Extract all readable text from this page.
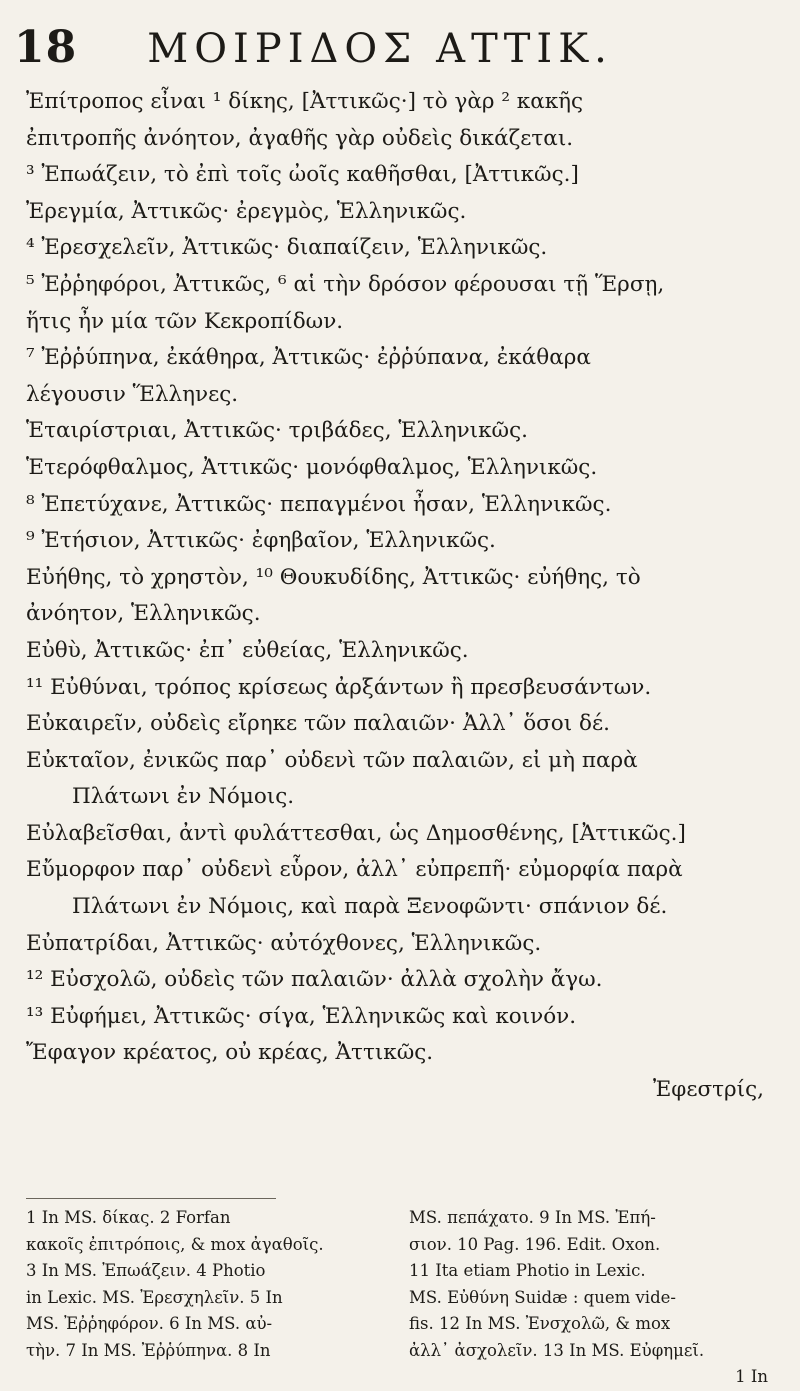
18 ΜΟΙΡΙΔΟΣ ΑΤΤΙΚ.
Ἐπίτροπος εἶναι ¹ δίκης, [Ἀττικῶς·] τὸ γὰρ ² κακῆς
ἐπιτροπῆς ἀνόητον, ἀγαθῆς γὰρ οὐδεὶς δικάζεται.
³ Ἐπωάζειν, τὸ ἐπὶ τοῖς ὠοῖς καθῆσθαι, [Ἀττικῶς.]
Ἐρεγμία, Ἀττικῶς· ἐρεγμὸς, Ἑλληνικῶς.
⁴ Ἐρεσχελεῖν, Ἀττικῶς· διαπαίζειν, Ἑλληνικῶς.
⁵ Ἐῤῥηφόροι, Ἀττικῶς, ⁶ αἱ τὴν δρόσον φέρουσαι τῇ Ἕρσῃ,
ἥτις ἦν μία τῶν Κεκροπίδων.
⁷ Ἐῤῥύπηνα, ἐκάθηρα, Ἀττικῶς· ἐῤῥύπανα, ἐκάθαρα
λέγουσιν Ἕλληνες.
Ἑταιρίστριαι, Ἀττικῶς· τριβάδες, Ἑλληνικῶς.
Ἑτερόφθαλμος, Ἀττικῶς· μονόφθαλμος, Ἑλληνικῶς.
⁸ Ἐπετύχανε, Ἀττικῶς· πεπαγμένοι ἦσαν, Ἑλληνικῶς.
⁹ Ἐτήσιον, Ἀττικῶς· ἐφηβαῖον, Ἑλληνικῶς.
Εὐήθης, τὸ χρηστὸν, ¹⁰ Θουκυδίδης, Ἀττικῶς· εὐήθης, τὸ
ἀνόητον, Ἑλληνικῶς.
Εὐθὺ, Ἀττικῶς· ἐπ᾽ εὐθείας, Ἑλληνικῶς.
¹¹ Εὐθύναι, τρόπος κρίσεως ἀρξάντων ἢ πρεσβευσάντων.
Εὐκαιρεῖν, οὐδεὶς εἴρηκε τῶν παλαιῶν· Ἀλλ᾽ ὅσοι δέ.
Εὐκταῖον, ἐνικῶς παρ᾽ οὐδενὶ τῶν παλαιῶν, εἰ μὴ παρὰ
Πλάτωνι ἐν Νόμοις.
Εὐλαβεῖσθαι, ἀντὶ φυλάττεσθαι, ὡς Δημοσθένης, [Ἀττικῶς.]
Εὔμορφον παρ᾽ οὐδενὶ εὗρον, ἀλλ᾽ εὐπρεπῆ· εὐμορφία παρὰ
Πλάτωνι ἐν Νόμοις, καὶ παρὰ Ξενοφῶντι· σπάνιον δέ.
Εὐπατρίδαι, Ἀττικῶς· αὐτόχθονες, Ἑλληνικῶς.
¹² Εὐσχολῶ, οὐδεὶς τῶν παλαιῶν· ἀλλὰ σχολὴν ἄγω.
¹³ Εὐφήμει, Ἀττικῶς· σίγα, Ἑλληνικῶς καὶ κοινόν.
Ἔφαγον κρέατος, οὐ κρέας, Ἀττικῶς.
Ἐφεστρίς,
1 In MS. δίκας. 2 Forfan
κακοῖς ἐπιτρόποις, & mox ἀγαθοῖς.
3 In MS. Ἐπωάζειν. 4 Photio
in Lexic. MS. Ἐρεσχηλεῖν. 5 In
MS. Ἐῤῥηφόρον. 6 In MS. αὐ-
τὴν. 7 In MS. Ἐῤῥύπηνα. 8 In
MS. πεπάχατο. 9 In MS. Ἐπή-
σιον. 10 Pag. 196. Edit. Oxon.
11 Ita etiam Photio in Lexic.
MS. Εὐθύνη Suidæ : quem vide-
fis. 12 In MS. Ἐνσχολῶ, & mox
ἀλλ᾽ ἀσχολεῖν. 13 In MS. Εὐφημεῖ.
1 In
